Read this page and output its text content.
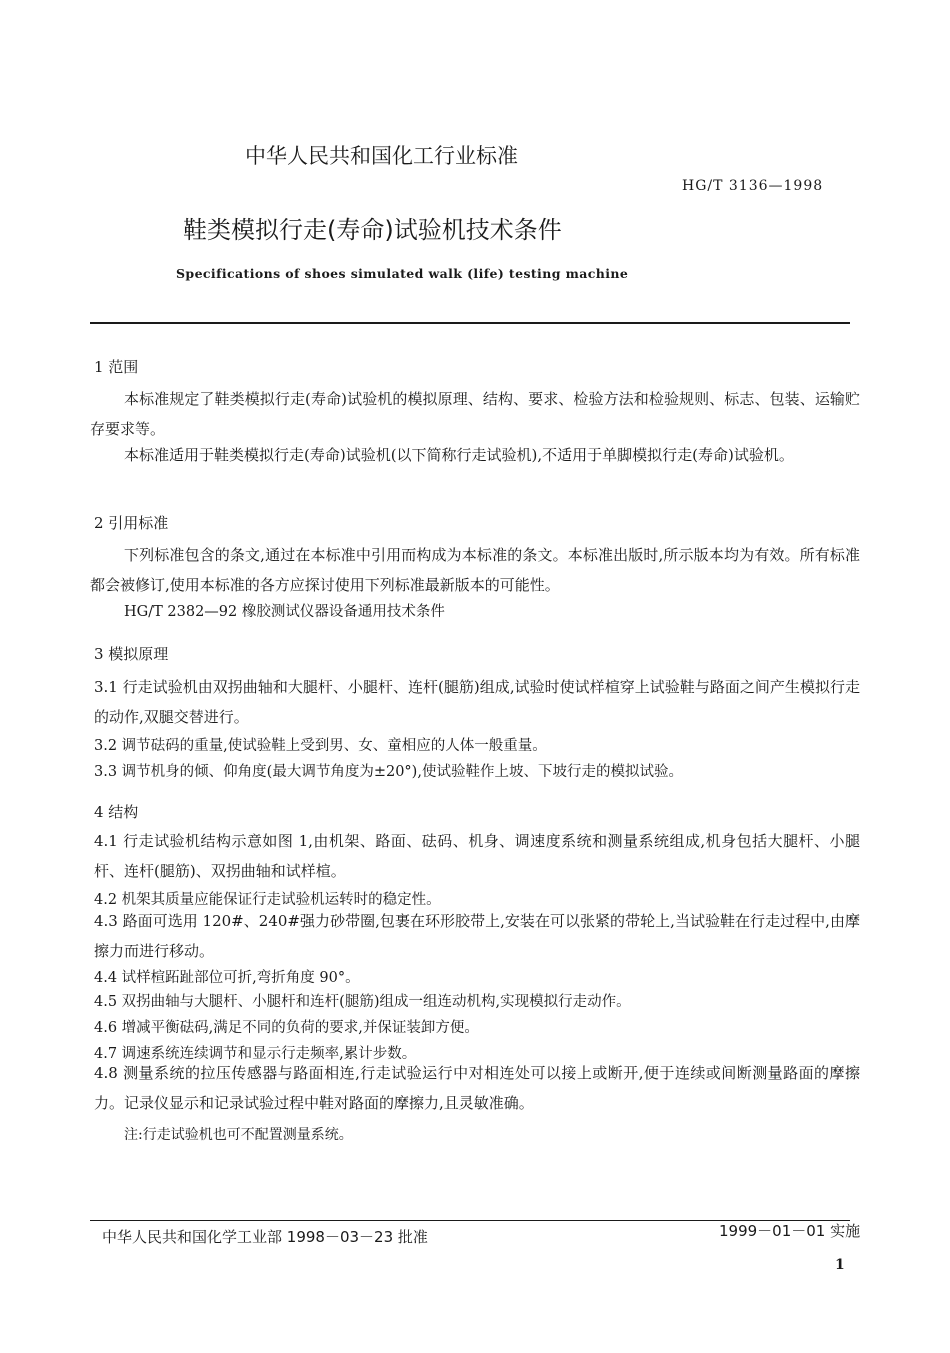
中华人民共和国化工行业标准
HG/T 3136—1998
鞋类模拟行走(寿命)试验机技术条件
Specifications of shoes simulated walk (life) testing machine
1 范围
本标准规定了鞋类模拟行走(寿命)试验机的模拟原理、结构、要求、检验方法和检验规则、标志、包装、运输贮存要求等。
本标准适用于鞋类模拟行走(寿命)试验机(以下简称行走试验机),不适用于单脚模拟行走(寿命)试验机。
2 引用标准
下列标准包含的条文,通过在本标准中引用而构成为本标准的条文。本标准出版时,所示版本均为有效。所有标准都会被修订,使用本标准的各方应探讨使用下列标准最新版本的可能性。
HG/T 2382—92 橡胶测试仪器设备通用技术条件
3 模拟原理
3.1 行走试验机由双拐曲轴和大腿杆、小腿杆、连杆(腿筋)组成,试验时使试样楦穿上试验鞋与路面之间产生模拟行走的动作,双腿交替进行。
3.2 调节砝码的重量,使试验鞋上受到男、女、童相应的人体一般重量。
3.3 调节机身的倾、仰角度(最大调节角度为±20°),使试验鞋作上坡、下坡行走的模拟试验。
4 结构
4.1 行走试验机结构示意如图 1,由机架、路面、砝码、机身、调速度系统和测量系统组成,机身包括大腿杆、小腿杆、连杆(腿筋)、双拐曲轴和试样楦。
4.2 机架其质量应能保证行走试验机运转时的稳定性。
4.3 路面可选用 120#、240#强力砂带圈,包裹在环形胶带上,安装在可以张紧的带轮上,当试验鞋在行走过程中,由摩擦力而进行移动。
4.4 试样楦跖趾部位可折,弯折角度 90°。
4.5 双拐曲轴与大腿杆、小腿杆和连杆(腿筋)组成一组连动机构,实现模拟行走动作。
4.6 增减平衡砝码,满足不同的负荷的要求,并保证装卸方便。
4.7 调速系统连续调节和显示行走频率,累计步数。
4.8 测量系统的拉压传感器与路面相连,行走试验运行中对相连处可以接上或断开,便于连续或间断测量路面的摩擦力。记录仪显示和记录试验过程中鞋对路面的摩擦力,且灵敏准确。
注:行走试验机也可不配置测量系统。
中华人民共和国化学工业部 1998－03－23 批准	1999－01－01 实施
1
